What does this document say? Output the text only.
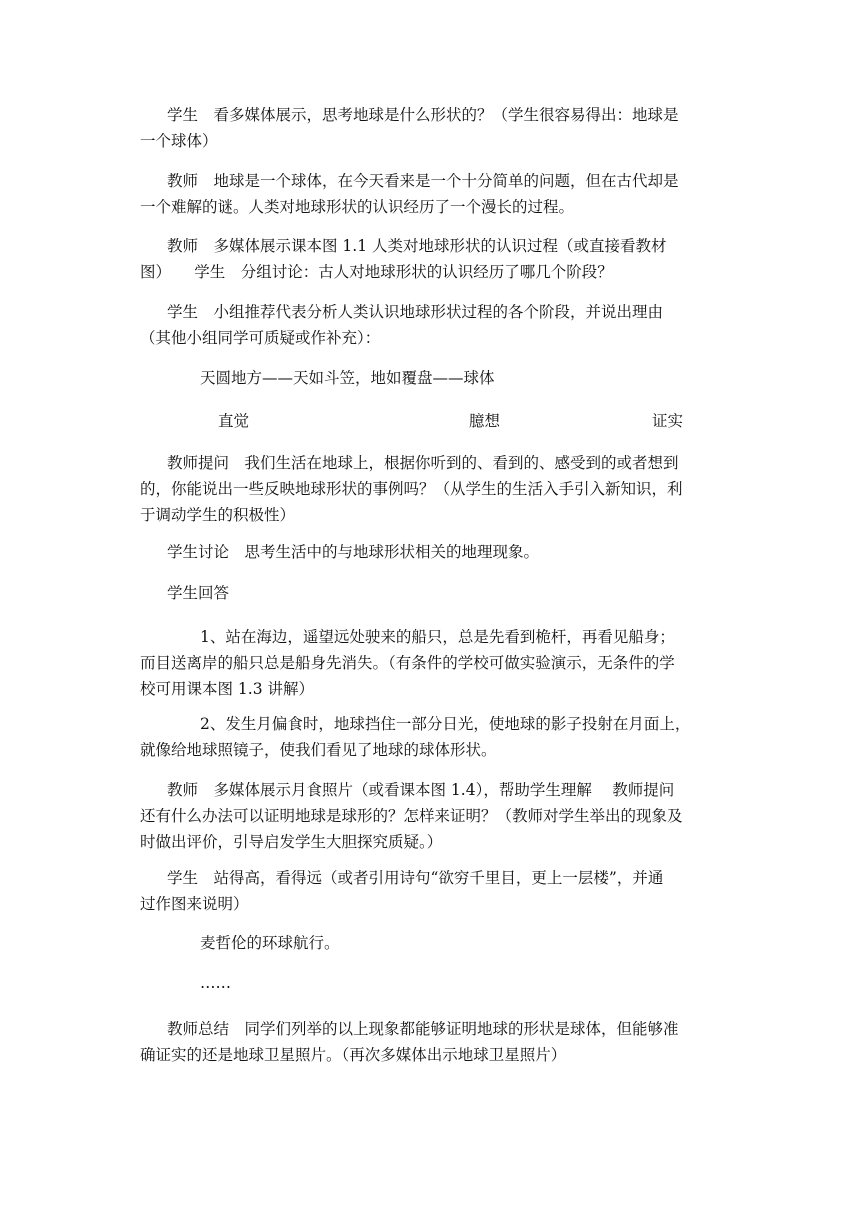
学生　看多媒体展示，思考地球是什么形状的？（学生很容易得出：地球是
一个球体）
教师　地球是一个球体，在今天看来是一个十分简单的问题，但在古代却是
一个难解的谜。人类对地球形状的认识经历了一个漫长的过程。
教师　多媒体展示课本图 1.1 人类对地球形状的认识过程（或直接看教材
图）　　学生　分组讨论：古人对地球形状的认识经历了哪几个阶段？
学生　小组推荐代表分析人类认识地球形状过程的各个阶段，并说出理由
（其他小组同学可质疑或作补充）：
天圆地方——天如斗笠，地如覆盘——球体
直觉	臆想	证实
教师提问　我们生活在地球上，根据你听到的、看到的、感受到的或者想到
的，你能说出一些反映地球形状的事例吗？（从学生的生活入手引入新知识，利
于调动学生的积极性）
学生讨论　思考生活中的与地球形状相关的地理现象。
学生回答
1、站在海边，遥望远处驶来的船只，总是先看到桅杆，再看见船身；
而目送离岸的船只总是船身先消失。（有条件的学校可做实验演示，无条件的学
校可用课本图 1.3 讲解）
2、发生月偏食时，地球挡住一部分日光，使地球的影子投射在月面上，
就像给地球照镜子，使我们看见了地球的球体形状。
教师　多媒体展示月食照片（或看课本图 1.4），帮助学生理解　 教师提问
还有什么办法可以证明地球是球形的？怎样来证明？（教师对学生举出的现象及
时做出评价，引导启发学生大胆探究质疑。）
学生　站得高，看得远（或者引用诗句“欲穷千里目，更上一层楼”，并通
过作图来说明）
麦哲伦的环球航行。
……
教师总结　同学们列举的以上现象都能够证明地球的形状是球体，但能够准
确证实的还是地球卫星照片。（再次多媒体出示地球卫星照片）
